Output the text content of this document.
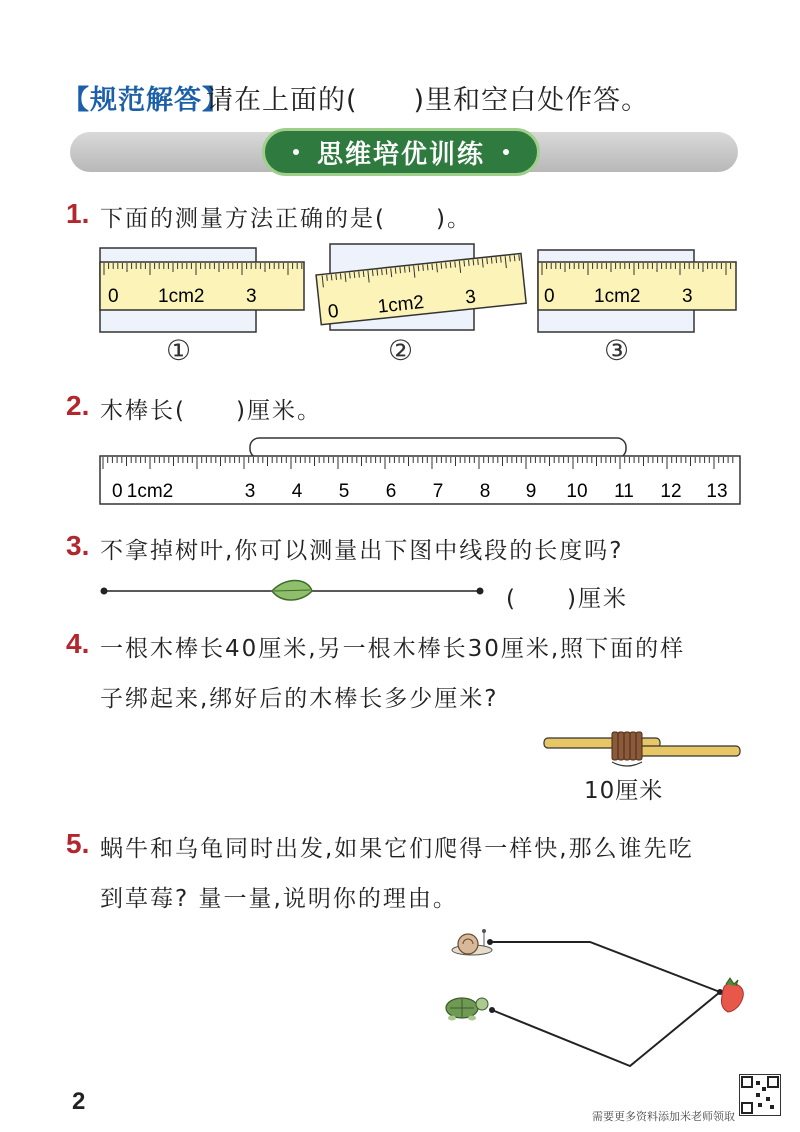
【规范解答】
请在上面的(　　)里和空白处作答。
思维培优训练
1. 下面的测量方法正确的是(　　)。
0 1cm2 3
0 1cm2 3	0 1cm2 3
①	②	③
2. 木棒长(　　)厘米。
0 1cm2	3 4 5 6 7 8 9 10 11 12 13
3. 不拿掉树叶,你可以测量出下图中线段的长度吗?
(　　)厘米
4. 一根木棒长40厘米,另一根木棒长30厘米,照下面的样
子绑起来,绑好后的木棒长多少厘米?
10厘米
5. 蜗牛和乌龟同时出发,如果它们爬得一样快,那么谁先吃
到草莓? 量一量,说明你的理由。
2
需要更多资料添加米老师领取
